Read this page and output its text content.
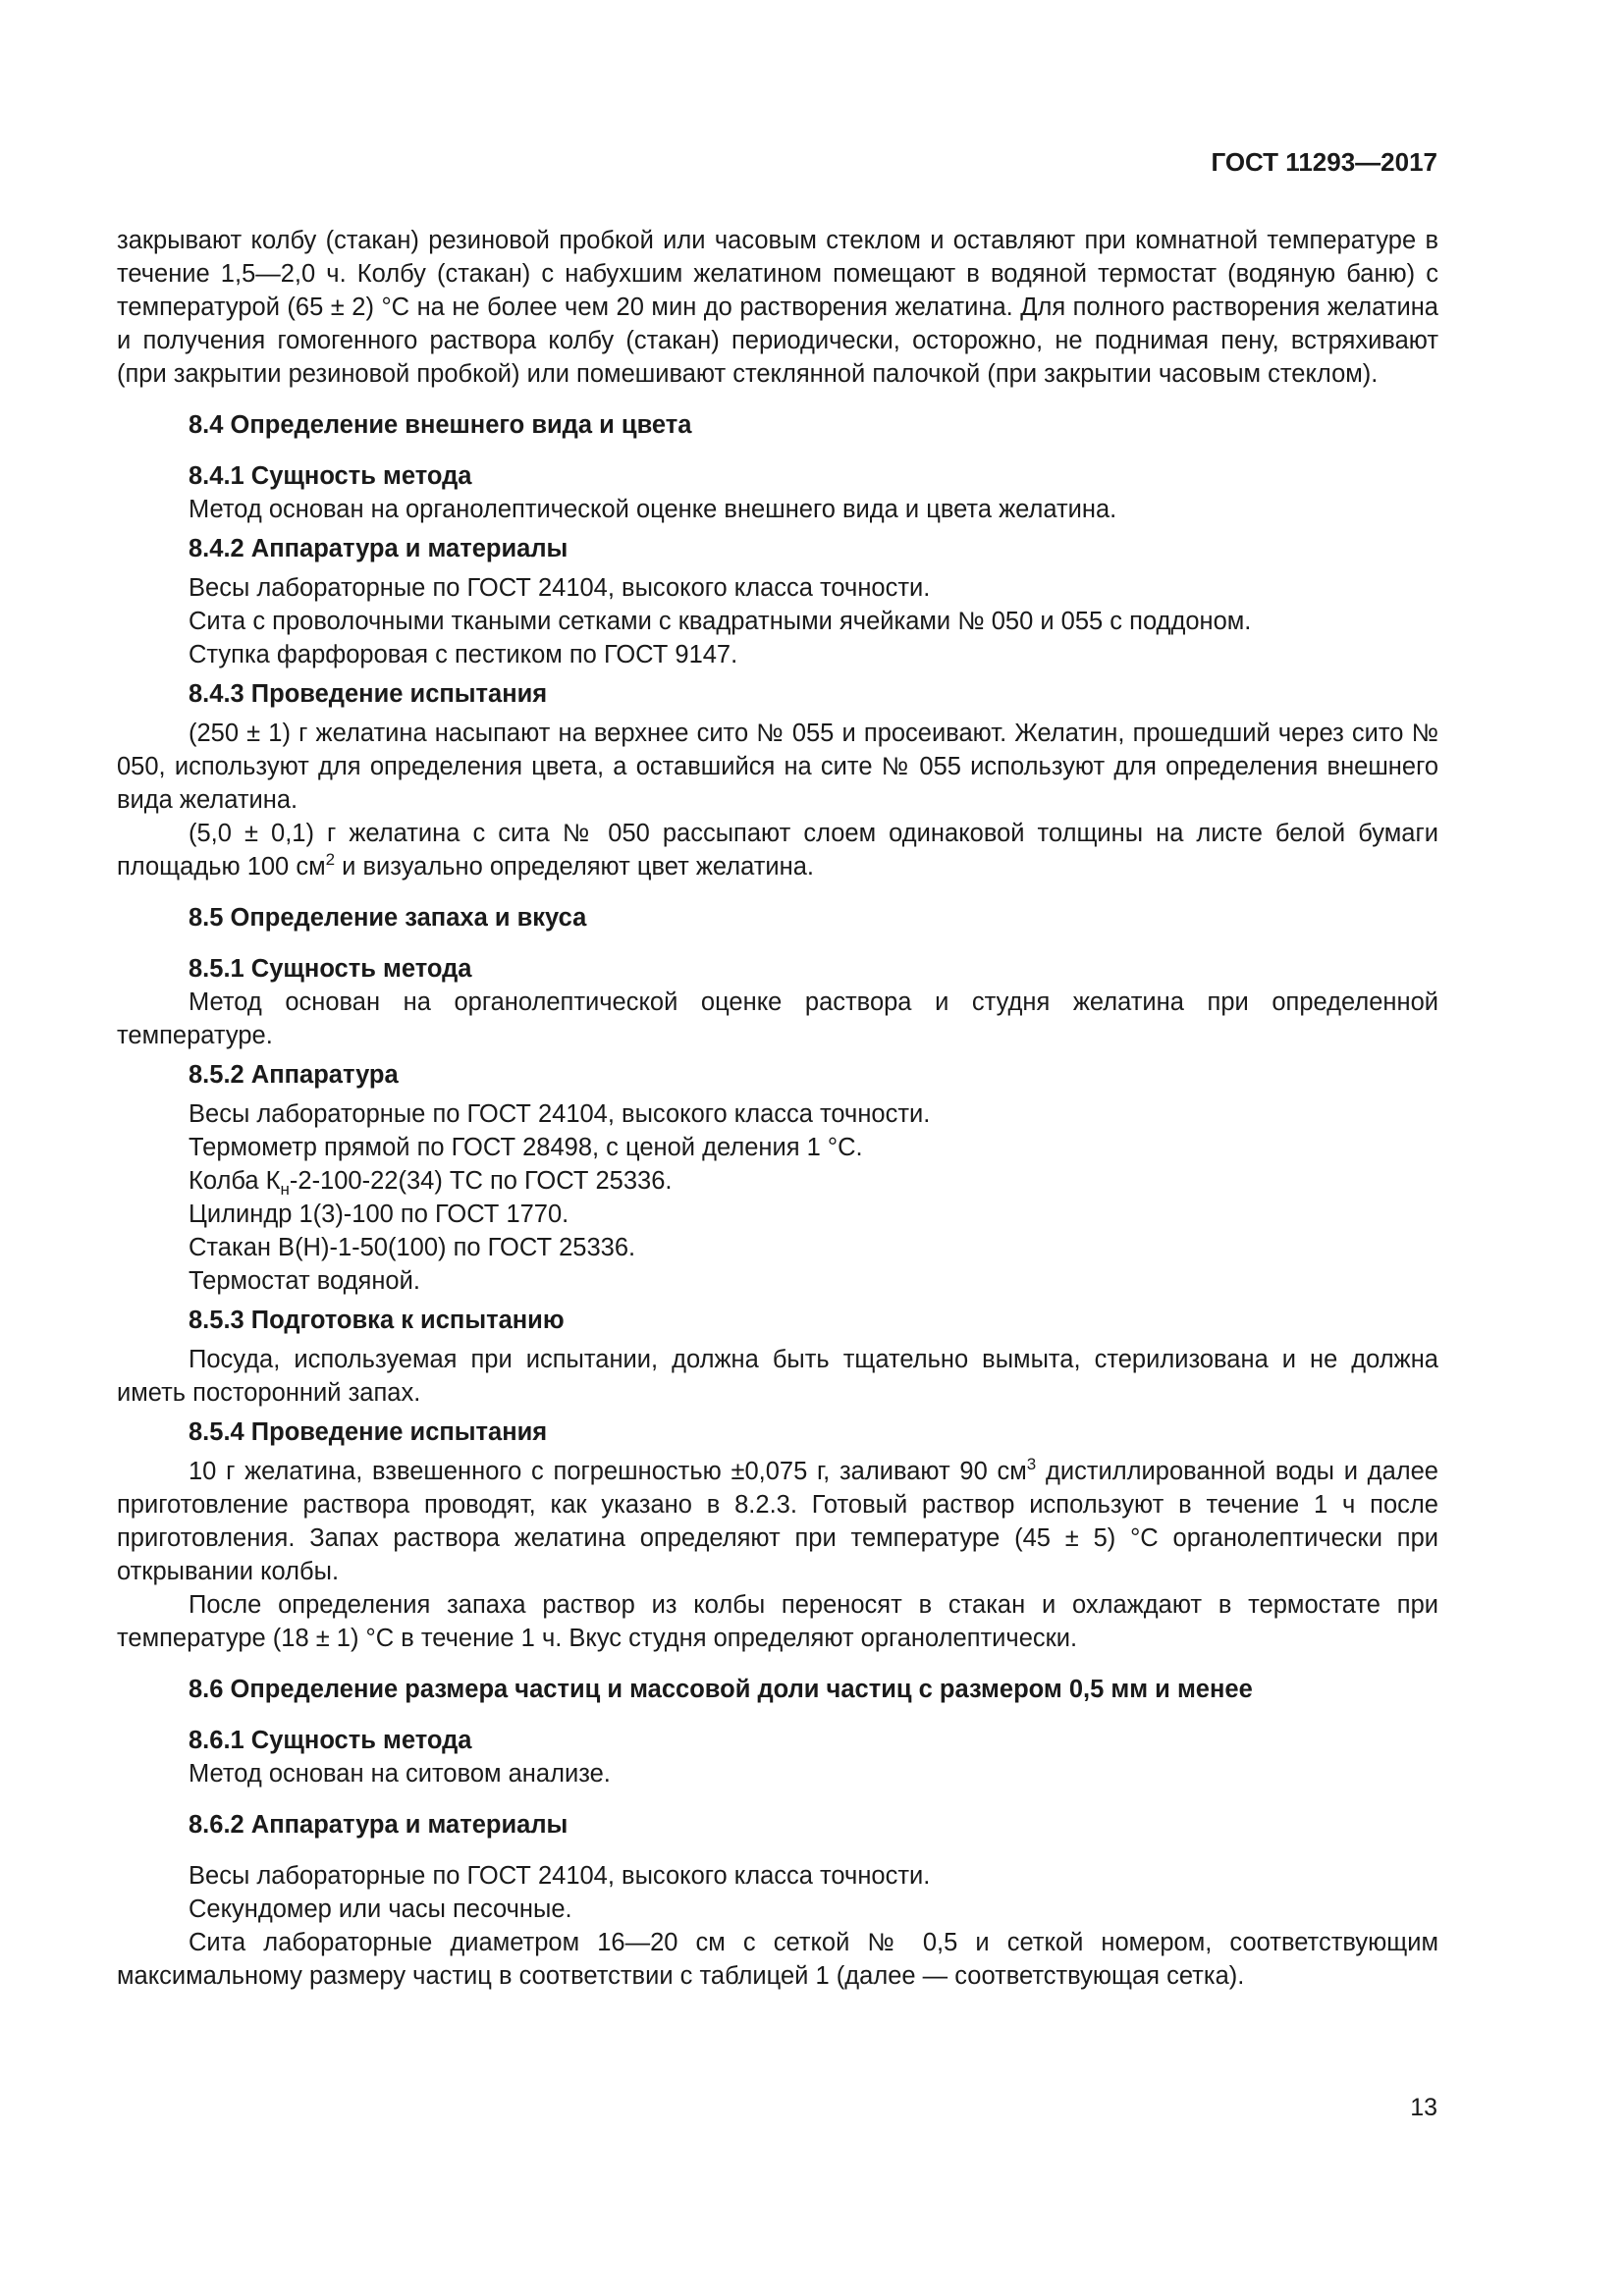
ГОСТ 11293—2017

закрывают колбу (стакан) резиновой пробкой или часовым стеклом и оставляют при комнатной температуре в течение 1,5—2,0 ч. Колбу (стакан) с набухшим желатином помещают в водяной термостат (водяную баню) с температурой (65 ± 2) °С на не более чем 20 мин до растворения желатина. Для полного растворения желатина и получения гомогенного раствора колбу (стакан) периодически, осторожно, не поднимая пену, встряхивают (при закрытии резиновой пробкой) или помешивают стеклянной палочкой (при закрытии часовым стеклом).

8.4 Определение внешнего вида и цвета

8.4.1 Сущность метода

Метод основан на органолептической оценке внешнего вида и цвета желатина.

8.4.2 Аппаратура и материалы

Весы лабораторные по ГОСТ 24104, высокого класса точности.

Сита с проволочными ткаными сетками с квадратными ячейками № 050 и 055 с поддоном.

Ступка фарфоровая с пестиком по ГОСТ 9147.

8.4.3 Проведение испытания

(250 ± 1) г желатина насыпают на верхнее сито № 055 и просеивают. Желатин, прошедший через сито № 050, используют для определения цвета, а оставшийся на сите № 055 используют для определения внешнего вида желатина.

(5,0 ± 0,1) г желатина с сита № 050 рассыпают слоем одинаковой толщины на листе белой бумаги площадью 100 $см^2$ и визуально определяют цвет желатина.

8.5 Определение запаха и вкуса

8.5.1 Сущность метода

Метод основан на органолептической оценке раствора и студня желатина при определенной температуре.

8.5.2 Аппаратура

Весы лабораторные по ГОСТ 24104, высокого класса точности.

Термометр прямой по ГОСТ 28498, с ценой деления 1 °С.

Колба $К_н-2-100-22(34)$ ТС по ГОСТ 25336.

Цилиндр 1(3)-100 по ГОСТ 1770.

Стакан В(Н)-1-50(100) по ГОСТ 25336.

Термостат водяной.

8.5.3 Подготовка к испытанию

Посуда, используемая при испытании, должна быть тщательно вымыта, стерилизована и не должна иметь посторонний запах.

8.5.4 Проведение испытания

10 г желатина, взвешенного с погрешностью ±0,075 г, заливают 90 $см^3$ дистиллированной воды и далее приготовление раствора проводят, как указано в 8.2.3. Готовый раствор используют в течение 1 ч после приготовления. Запах раствора желатина определяют при температуре (45 ± 5) °С органолептически при открывании колбы.

После определения запаха раствор из колбы переносят в стакан и охлаждают в термостате при температуре (18 ± 1) °С в течение 1 ч. Вкус студня определяют органолептически.

8.6 Определение размера частиц и массовой доли частиц с размером 0,5 мм и менее

8.6.1 Сущность метода

Метод основан на ситовом анализе.

8.6.2 Аппаратура и материалы

Весы лабораторные по ГОСТ 24104, высокого класса точности.

Секундомер или часы песочные.

Сита лабораторные диаметром 16—20 см с сеткой № 0,5 и сеткой номером, соответствующим максимальному размеру частиц в соответствии с таблицей 1 (далее — соответствующая сетка).

13
